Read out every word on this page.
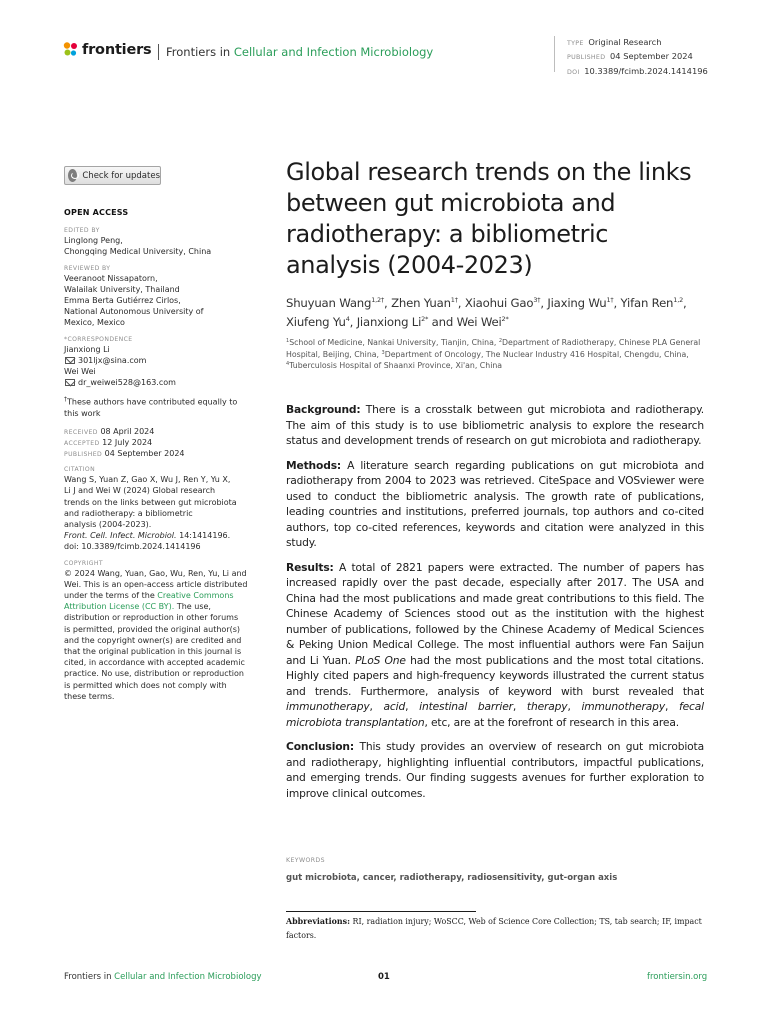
frontiers Frontiers in Cellular and Infection Microbiology
TYPE Original Research
PUBLISHED 04 September 2024
DOI 10.3389/fcimb.2024.1414196
Check for updates
OPEN ACCESS
EDITED BY
Linglong Peng,
Chongqing Medical University, China
REVIEWED BY
Veeranoot Nissapatorn,
Walailak University, Thailand
Emma Berta Gutiérrez Cirlos,
National Autonomous University of
Mexico, Mexico
*CORRESPONDENCE
Jianxiong Li
301ljx@sina.com
Wei Wei
dr_weiwei528@163.com
†These authors have contributed equally to
this work
RECEIVED 08 April 2024
ACCEPTED 12 July 2024
PUBLISHED 04 September 2024
CITATION
Wang S, Yuan Z, Gao X, Wu J, Ren Y, Yu X,
Li J and Wei W (2024) Global research
trends on the links between gut microbiota
and radiotherapy: a bibliometric
analysis (2004-2023).
Front. Cell. Infect. Microbiol. 14:1414196.
doi: 10.3389/fcimb.2024.1414196
COPYRIGHT
© 2024 Wang, Yuan, Gao, Wu, Ren, Yu, Li and
Wei. This is an open-access article distributed
under the terms of the Creative Commons
Attribution License (CC BY). The use,
distribution or reproduction in other forums
is permitted, provided the original author(s)
and the copyright owner(s) are credited and
that the original publication in this journal is
cited, in accordance with accepted academic
practice. No use, distribution or reproduction
is permitted which does not comply with
these terms.
Global research trends on the links between gut microbiota and radiotherapy: a bibliometric analysis (2004-2023)
Shuyuan Wang$^{1,2\dagger}$, Zhen Yuan$^{1\dagger}$, Xiaohui Gao$^{3\dagger}$, Jiaxing $Wu^{1\dagger}$, Yifan Ren$^{1,2}$, Xiufeng Yu$^4$, Jianxiong $Li^{2*}$ and Wei Wei$^{2*}$
$^1$School of Medicine, Nankai University, Tianjin, China, $^2$Department of Radiotherapy, Chinese PLA General Hospital, Beijing, China, $^3$Department of Oncology, The Nuclear Industry 416 Hospital, Chengdu, China, $^4$Tuberculosis Hospital of Shaanxi Province, Xi'an, China

Background: There is a crosstalk between gut microbiota and radiotherapy. The aim of this study is to use bibliometric analysis to explore the research status and development trends of research on gut microbiota and radiotherapy.

Methods: A literature search regarding publications on gut microbiota and radiotherapy from 2004 to 2023 was retrieved. CiteSpace and VOSviewer were used to conduct the bibliometric analysis. The growth rate of publications, leading countries and institutions, preferred journals, top authors and co-cited authors, top co-cited references, keywords and citation were analyzed in this study.

Results: A total of 2821 papers were extracted. The number of papers has increased rapidly over the past decade, especially after 2017. The USA and China had the most publications and made great contributions to this field. The Chinese Academy of Sciences stood out as the institution with the highest number of publications, followed by the Chinese Academy of Medical Sciences & Peking Union Medical College. The most influential authors were Fan Saijun and Li Yuan. PLoS One had the most publications and the most total citations. Highly cited papers and high-frequency keywords illustrated the current status and trends. Furthermore, analysis of keyword with burst revealed that immunotherapy, acid, intestinal barrier, therapy, immunotherapy, fecal microbiota transplantation, etc, are at the forefront of research in this area.

Conclusion: This study provides an overview of research on gut microbiota and radiotherapy, highlighting influential contributors, impactful publications, and emerging trends. Our finding suggests avenues for further exploration to improve clinical outcomes.

KEYWORDS
gut microbiota, cancer, radiotherapy, radiosensitivity, gut-organ axis
Abbreviations: RI, radiation injury; WoSCC, Web of Science Core Collection; TS, tab search; IF, impact factors.
Frontiers in Cellular and Infection Microbiology	01	frontiersin.org
